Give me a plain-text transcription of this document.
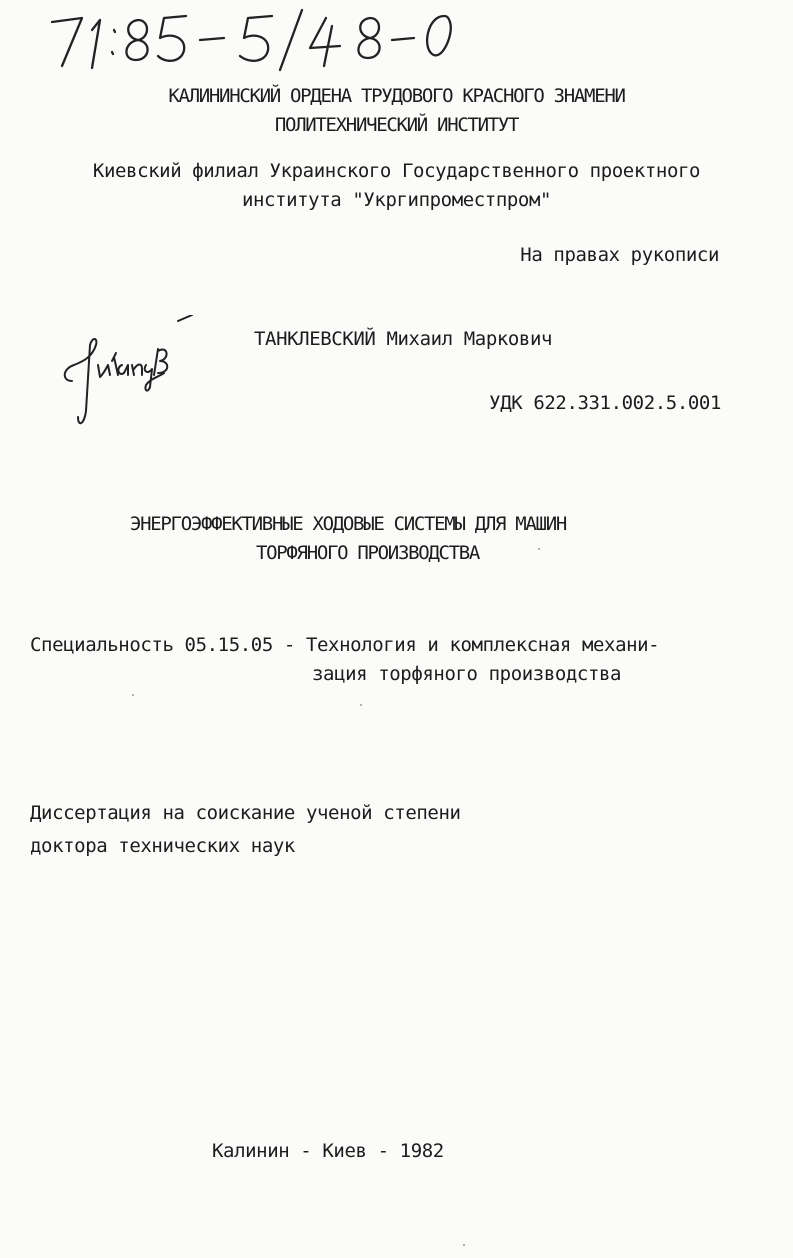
КАЛИНИНСКИЙ ОРДЕНА ТРУДОВОГО КРАСНОГО ЗНАМЕНИ
ПОЛИТЕХНИЧЕСКИЙ ИНСТИТУТ
Киевский филиал Украинского Государственного проектного
института "Укргипроместпром"
На правах рукописи
ТАНКЛЕВСКИЙ Михаил Маркович
УДК 622.331.002.5.001
ЭНЕРГОЭФФЕКТИВНЫЕ ХОДОВЫЕ СИСТЕМЫ ДЛЯ МАШИН
ТОРФЯНОГО ПРОИЗВОДСТВА
Специальность 05.15.05 - Технология и комплексная механи-
зация торфяного производства
Диссертация на соискание ученой степени
доктора технических наук
Калинин - Киев - 1982
